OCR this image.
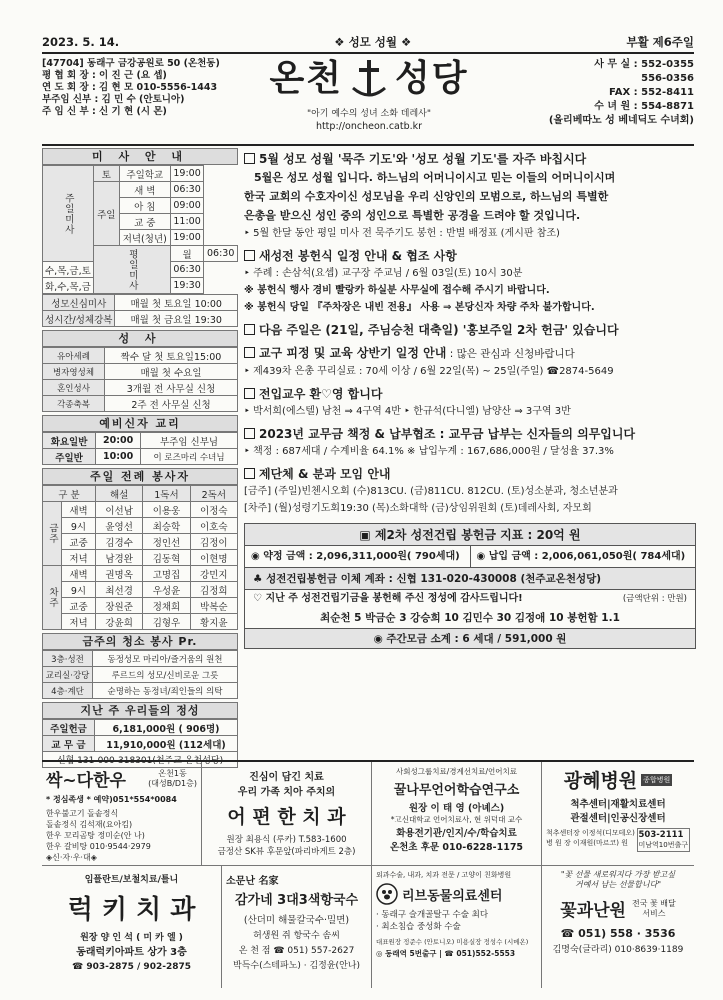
2023. 5. 14.	❖ 성모 성월 ❖	부활 제6주일
[47704] 동래구 금강공원로 50 (온천동)
평 협 회 장 : 이 진 근 (요 셉)
연 도 회 장 : 김 현 모 010-5556-1443
부주임 신부 : 김 민 수 (안토니아)
주 임 신 부 : 신 기 현 (시 몬)
온천 성당
"아기 예수의 성녀 소화 데레사"
http://oncheon.catb.kr
사 무 실 : 552-0355
556-0356
FAX : 552-8411
수 녀 원 : 554-8871
(올리베따노 성 베네딕도 수녀회)
미 사 안 내
주일미사	토	주일학교	19:00	
	주일	새 벽	06:30	
		아 침	09:00	
		교 중	11:00	
		저녁(청년)	19:00	
	평일미사		월	06:30
수,목,금,토			06:30	
화,수,목,금			19:30	
성모신심미사	매월 첫 토요일 10:00
성시간/성체강복	매월 첫 금요일 19:30
성 사
유아세례	짝수 달 첫 토요일15:00
병자영성체	매월 첫 수요일
혼인성사	3개월 전 사무실 신청
각종축복	2주 전 사무실 신청
예비신자 교리
화요일반	20:00	부주임 신부님
주일반	10:00	이 로즈마리 수녀님
주일 전례 봉사자
구 분		해설	1독서	2독서
금주	새벽	이선남	이용웅	이정숙
	9시	윤영선	최승학	이호숙
	교중	김경수	정인선	김정이
	저녁	남경완	김동혁	이현명
차주	새벽	권명옥	고명집	강민지
	9시	최선경	우성윤	김정희
	교중	장원준	정채희	박복순
	저녁	강윤희	김형우	황지윤
금주의 청소 봉사 Pr.
3층·성전	동정성모 마리아/즐거움의 원천
교리실·강당	루르드의 성모/신비로운 그릇
4층·계단	순명하는 동정녀/죄인들의 의탁
지난 주 우리들의 정성
주일헌금	6,181,000원 ( 906명)
교 무 금	11,910,000원 (112세대)
신협 131-000-318301(천주교 온천성당)	
5월 성모 성월 '묵주 기도'와 '성모 성월 기도'를 자주 바칩시다
5월은 성모 성월 입니다. 하느님의 어머니이시고 믿는 이들의 어머니이시며
한국 교회의 수호자이신 성모님을 우리 신앙인의 모범으로, 하느님의 특별한
은총을 받으신 성인 중의 성인으로 특별한 공경을 드려야 할 것입니다.
‣ 5월 한달 동안 평일 미사 전 묵주기도 봉헌 : 반별 배정표 (게시판 참조)
새성전 봉헌식 일정 안내 & 협조 사항
‣ 주례 : 손삼석(요셉) 교구장 주교님 / 6월 03일(토) 10시 30분
※ 봉헌식 행사 경비 빨랑카 하실분 사무실에 접수해 주시기 바랍니다.
※ 봉헌식 당일 『주차장은 내빈 전용』 사용 ⇒ 본당신자 차량 주차 불가합니다.
다음 주일은 (21일, 주님승천 대축일) '홍보주일 2차 헌금' 있습니다
교구 피정 및 교육 상반기 일정 안내 : 많은 관심과 신청바랍니다
‣ 제439차 은총 꾸리실료 : 70세 이상 / 6월 22일(목) ~ 25일(주일) ☎2874-5649
전입교우 환♡영 합니다
‣ 박서희(에스텔) 남천 ⇒ 4구역 4반 ‣ 한규석(다니엘) 남양산 ⇒ 3구역 3반
2023년 교무금 책정 & 납부협조 : 교무금 납부는 신자들의 의무입니다
‣ 책정 : 687세대 / 수계비율 64.1% ※ 납입누계 : 167,686,000원 / 달성율 37.3%
제단체 & 분과 모임 안내
[금주] (주일)빈첸시오회 (수)813CU. (금)811CU. 812CU. (토)성소분과, 청소년분과
[차주] (월)성령기도회19:30 (목)소화대학 (금)상임위원회 (토)데레사회, 자모회
▣ 제2차 성전건립 봉헌금 지표 : 20억 원
◉ 약정 금액 : 2,096,311,000원( 790세대)	◉ 납입 금액 : 2,006,061,050원( 784세대)
♣ 성전건립봉헌금 이체 계좌 : 신협 131-020-430008 (천주교온천성당)
♡ 지난 주 성전건립기금을 봉헌해 주신 정성에 감사드립니다!	(금액단위 : 만원)
최순천 5 박금순 3 강승희 10 김민수 30 김정애 10 봉헌함 1.1
◉ 주간모금 소계 : 6 세대 / 591,000 원
싹~다한우	온천1동
(대성B/D1층)
* 정심족생 * 예약)051*554*0084
한우불고기 돌솥정식
돌솥정식 김석재(요아킴)
한우 꼬리곰탕 정미순(안 나)
한우 갈비탕 010·9544·2979
◈신·자·우·대◈
진심이 담긴 치료
우리 가족 치아 주치의
어 편 한 치 과
원장 최용식 (루카) T.583-1600
금정산 SK뷰 후문앞(파리바게트 2층)
사회성그룹치료/경계선치료/언어치료
꿀나무언어학습연구소
원장 이 태 영 (아녜스)
*고신대학교 언어치료사, 현 위덕대 교수
화용전기관/인지/수/학습치료
온천초 후문 010-6228-1175
광혜병원 종합병원
척추센터|재활치료센터
관절센터|인공신장센터
척추센터장 이정석(디모테오)
병 원 장 이재원(마르코) 원
503-2111
미남역10번출구
임플란트/보철치료/틀니
럭 키 치 과
원장 양 인 석 ( 미 카 엘 )
동래럭키아파트 상가 3층
☎ 903-2875 / 902-2875
소문난 名家
감가네 3대3색항국수
(산더미 해물칼국수·밀면)
허생원 쥐 항국수 솜씨
온 천 점 ☎ 051) 557-2627
박득수(스테파노) · 김정윤(안나)
외과수술, 내과, 치과 전문 / 고양이 친화병원
리브동물의료센터
· 동래구 슬개골탈구 수술 최다
· 최소침습 중성화 수술
대표원장 정준수 (안토니오) 미용실장 정성수 (시메온)
◎ 동래역 5번출구 | ☎ 051)552-5553
"꽃 선물 새로워지다 가장 받고싶
거예서 남는 선물합니다"
꽃과난원 전국 꽃 배달
서비스
☎ 051) 558 · 3536
김명숙(글라리) 010·8639·1189
